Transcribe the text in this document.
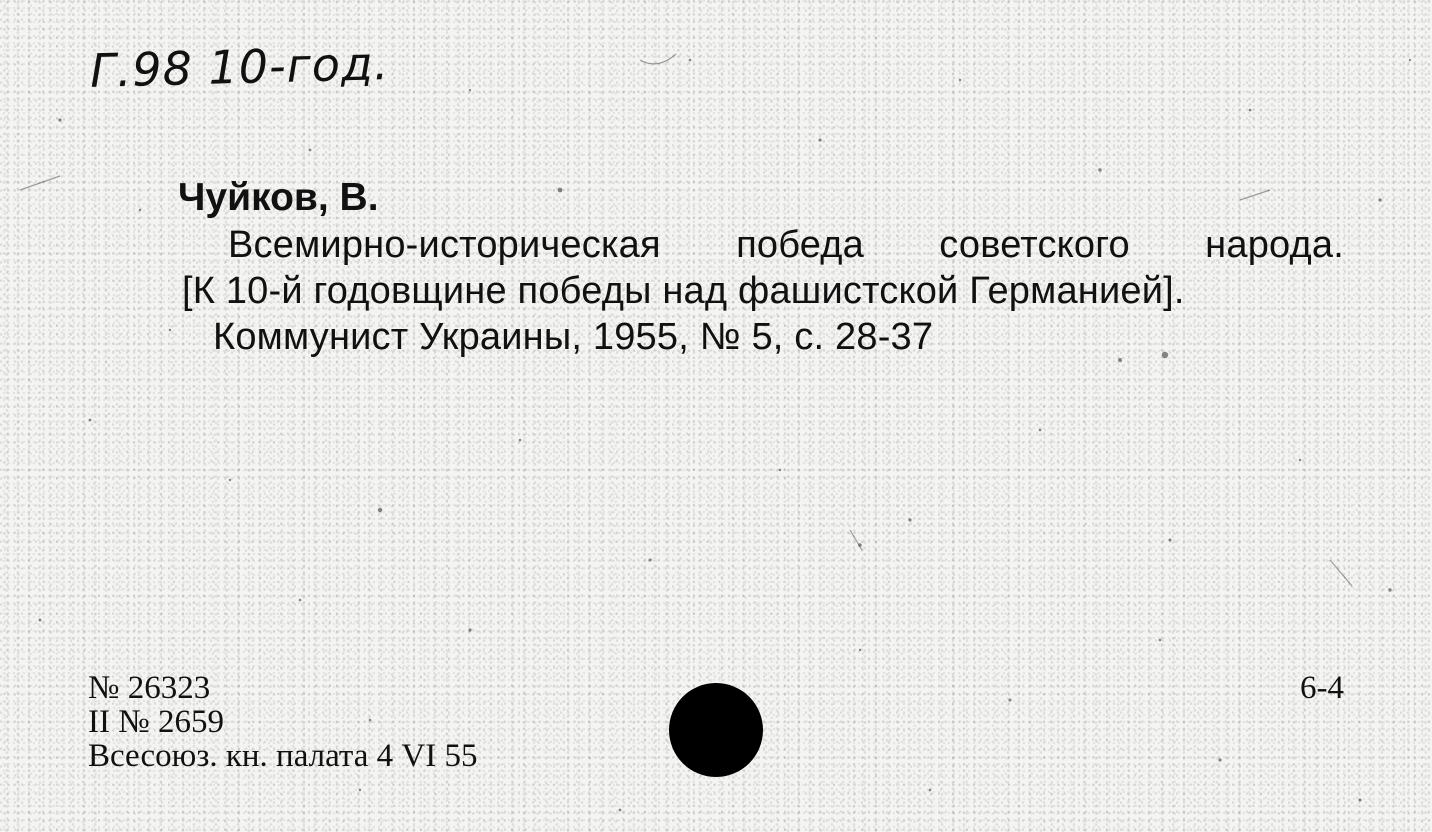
Г.98 10-год.
Чуйков, В.
Всемирно-историческая победа советского народа.
[К 10-й годовщине победы над фашистской Германией].
Коммунист Украины, 1955, № 5, с. 28-37
№ 26323
II № 2659
Всесоюз. кн. палата 4 VI 55
6-4
